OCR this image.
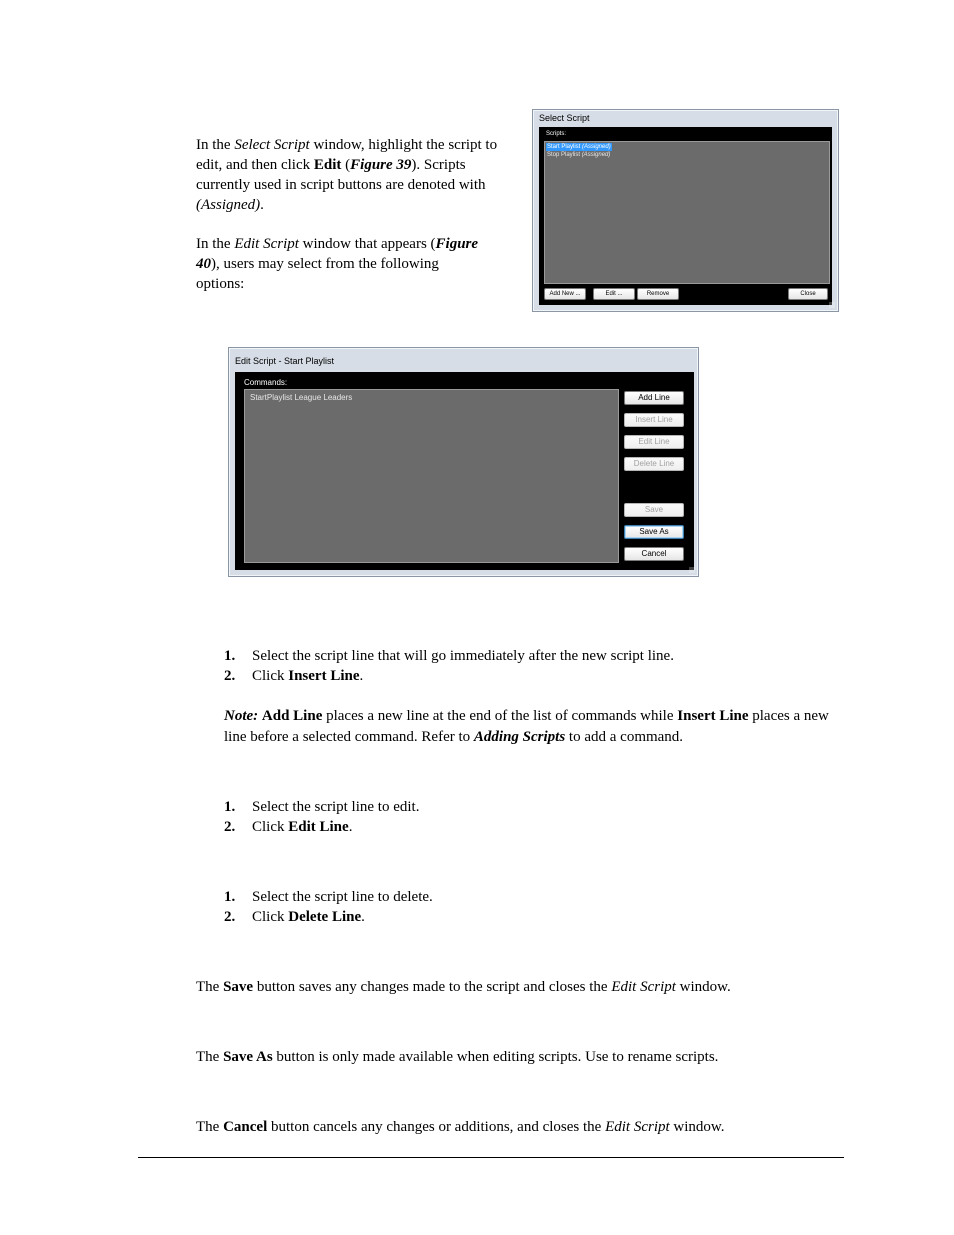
In the Select Script window, highlight the script to edit, and then click Edit (Figure 39). Scripts currently used in script buttons are denoted with (Assigned).

In the Edit Script window that appears (Figure 40), users may select from the following options:

Select Script
Scripts:
Start Playlist (Assigned)
Stop Playlist (Assigned)
Add New ...	Edit ...	Remove	Close
Edit Script - Start Playlist
Commands:
StartPlaylist League Leaders	Add Line
Insert Line
Edit Line
Delete Line
Save
Save As
Cancel
1. Select the script line that will go immediately after the new script line.
2. Click Insert Line.

Note: Add Line places a new line at the end of the list of commands while Insert Line places a new line before a selected command. Refer to Adding Scripts to add a command.

1. Select the script line to edit.
2. Click Edit Line.
1. Select the script line to delete.
2. Click Delete Line.

The Save button saves any changes made to the script and closes the Edit Script window.

The Save As button is only made available when editing scripts. Use to rename scripts.

The Cancel button cancels any changes or additions, and closes the Edit Script window.
